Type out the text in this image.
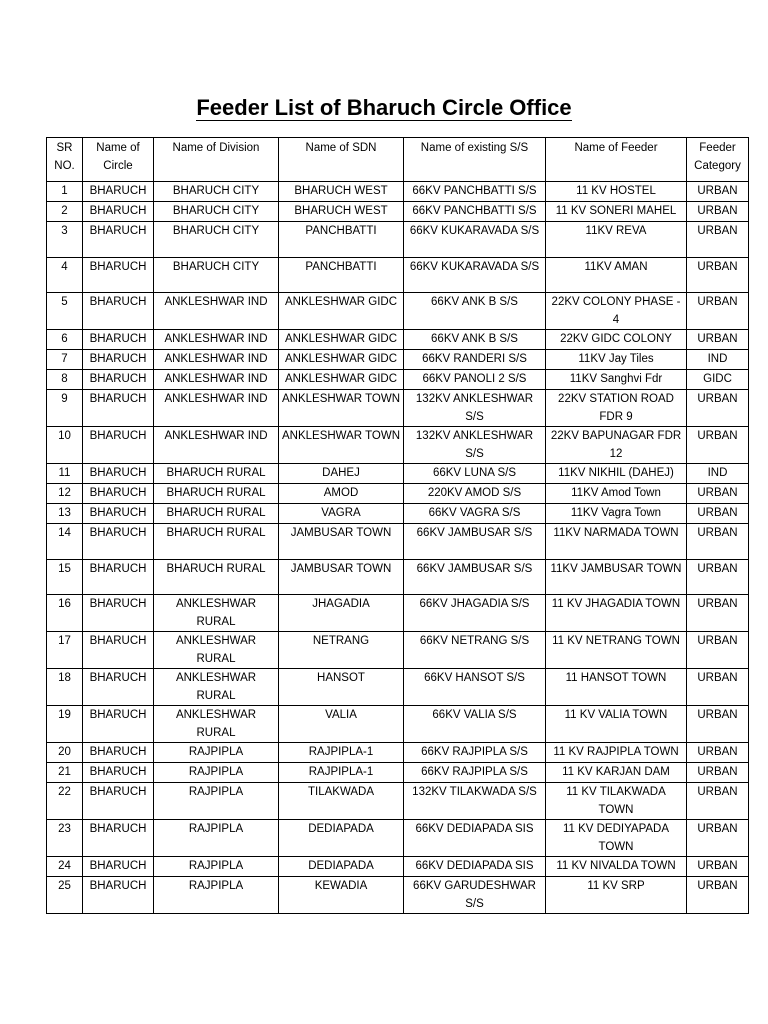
Feeder List of Bharuch Circle Office
SR NO.	Name of Circle	Name of Division	Name of SDN	Name of existing S/S	Name of Feeder	Feeder Category
1	BHARUCH	BHARUCH CITY	BHARUCH WEST	66KV PANCHBATTI S/S	11 KV HOSTEL	URBAN
2	BHARUCH	BHARUCH CITY	BHARUCH WEST	66KV PANCHBATTI S/S	11 KV SONERI MAHEL	URBAN
3	BHARUCH	BHARUCH CITY	PANCHBATTI	66KV KUKARAVADA S/S	11KV REVA	URBAN
4	BHARUCH	BHARUCH CITY	PANCHBATTI	66KV KUKARAVADA S/S	11KV AMAN	URBAN
5	BHARUCH	ANKLESHWAR IND	ANKLESHWAR GIDC	66KV ANK B S/S	22KV COLONY PHASE - 4	URBAN
6	BHARUCH	ANKLESHWAR IND	ANKLESHWAR GIDC	66KV ANK B S/S	22KV GIDC COLONY	URBAN
7	BHARUCH	ANKLESHWAR IND	ANKLESHWAR GIDC	66KV RANDERI S/S	11KV Jay Tiles	IND
8	BHARUCH	ANKLESHWAR IND	ANKLESHWAR GIDC	66KV PANOLI 2 S/S	11KV Sanghvi Fdr	GIDC
9	BHARUCH	ANKLESHWAR IND	ANKLESHWAR TOWN	132KV ANKLESHWAR S/S	22KV STATION ROAD FDR 9	URBAN
10	BHARUCH	ANKLESHWAR IND	ANKLESHWAR TOWN	132KV ANKLESHWAR S/S	22KV BAPUNAGAR FDR 12	URBAN
11	BHARUCH	BHARUCH RURAL	DAHEJ	66KV LUNA S/S	11KV NIKHIL (DAHEJ)	IND
12	BHARUCH	BHARUCH RURAL	AMOD	220KV AMOD S/S	11KV Amod Town	URBAN
13	BHARUCH	BHARUCH RURAL	VAGRA	66KV VAGRA S/S	11KV Vagra Town	URBAN
14	BHARUCH	BHARUCH RURAL	JAMBUSAR TOWN	66KV JAMBUSAR S/S	11KV NARMADA TOWN	URBAN
15	BHARUCH	BHARUCH RURAL	JAMBUSAR TOWN	66KV JAMBUSAR S/S	11KV JAMBUSAR TOWN	URBAN
16	BHARUCH	ANKLESHWAR RURAL	JHAGADIA	66KV JHAGADIA S/S	11 KV JHAGADIA TOWN	URBAN
17	BHARUCH	ANKLESHWAR RURAL	NETRANG	66KV NETRANG S/S	11 KV NETRANG TOWN	URBAN
18	BHARUCH	ANKLESHWAR RURAL	HANSOT	66KV HANSOT S/S	11 HANSOT TOWN	URBAN
19	BHARUCH	ANKLESHWAR RURAL	VALIA	66KV VALIA S/S	11 KV VALIA TOWN	URBAN
20	BHARUCH	RAJPIPLA	RAJPIPLA-1	66KV RAJPIPLA S/S	11 KV RAJPIPLA TOWN	URBAN
21	BHARUCH	RAJPIPLA	RAJPIPLA-1	66KV RAJPIPLA S/S	11 KV KARJAN DAM	URBAN
22	BHARUCH	RAJPIPLA	TILAKWADA	132KV TILAKWADA S/S	11 KV TILAKWADA TOWN	URBAN
23	BHARUCH	RAJPIPLA	DEDIAPADA	66KV DEDIAPADA SIS	11 KV DEDIYAPADA TOWN	URBAN
24	BHARUCH	RAJPIPLA	DEDIAPADA	66KV DEDIAPADA SIS	11 KV NIVALDA TOWN	URBAN
25	BHARUCH	RAJPIPLA	KEWADIA	66KV GARUDESHWAR S/S	11 KV SRP	URBAN
